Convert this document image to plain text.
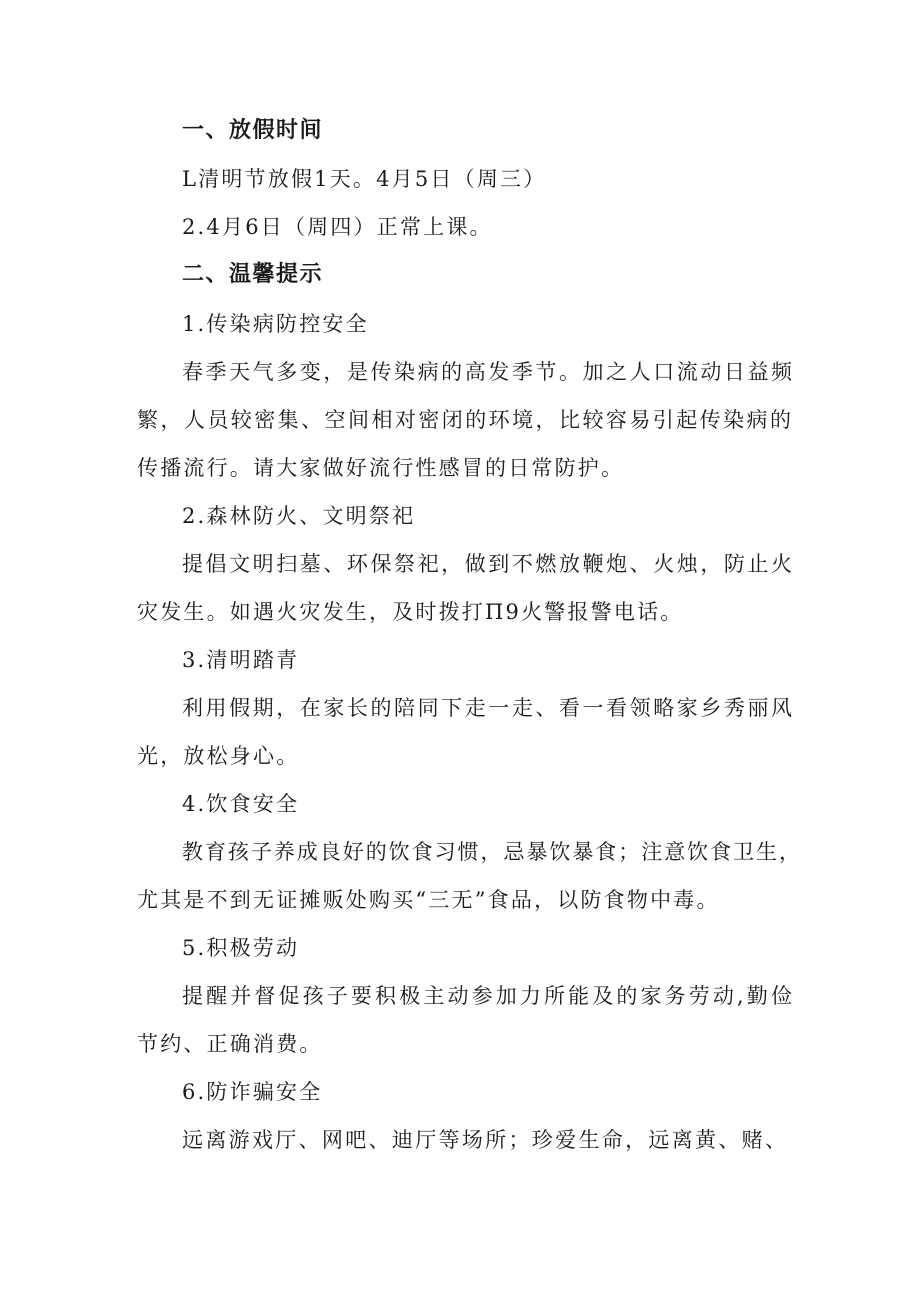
一、放假时间
L清明节放假1天。4月5日（周三）
2.4月6日（周四）正常上课。
二、温馨提示
1.传染病防控安全
春季天气多变，是传染病的高发季节。加之人口流动日益频
繁，人员较密集、空间相对密闭的环境，比较容易引起传染病的
传播流行。请大家做好流行性感冒的日常防护。
2.森林防火、文明祭祀
提倡文明扫墓、环保祭祀，做到不燃放鞭炮、火烛，防止火
灾发生。如遇火灾发生，及时拨打Π9火警报警电话。
3.清明踏青
利用假期，在家长的陪同下走一走、看一看领略家乡秀丽风
光，放松身心。
4.饮食安全
教育孩子养成良好的饮食习惯，忌暴饮暴食；注意饮食卫生，
尤其是不到无证摊贩处购买“三无”食品，以防食物中毒。
5.积极劳动
提醒并督促孩子要积极主动参加力所能及的家务劳动,勤俭
节约、正确消费。
6.防诈骗安全
远离游戏厅、网吧、迪厅等场所；珍爱生命，远离黄、赌、
